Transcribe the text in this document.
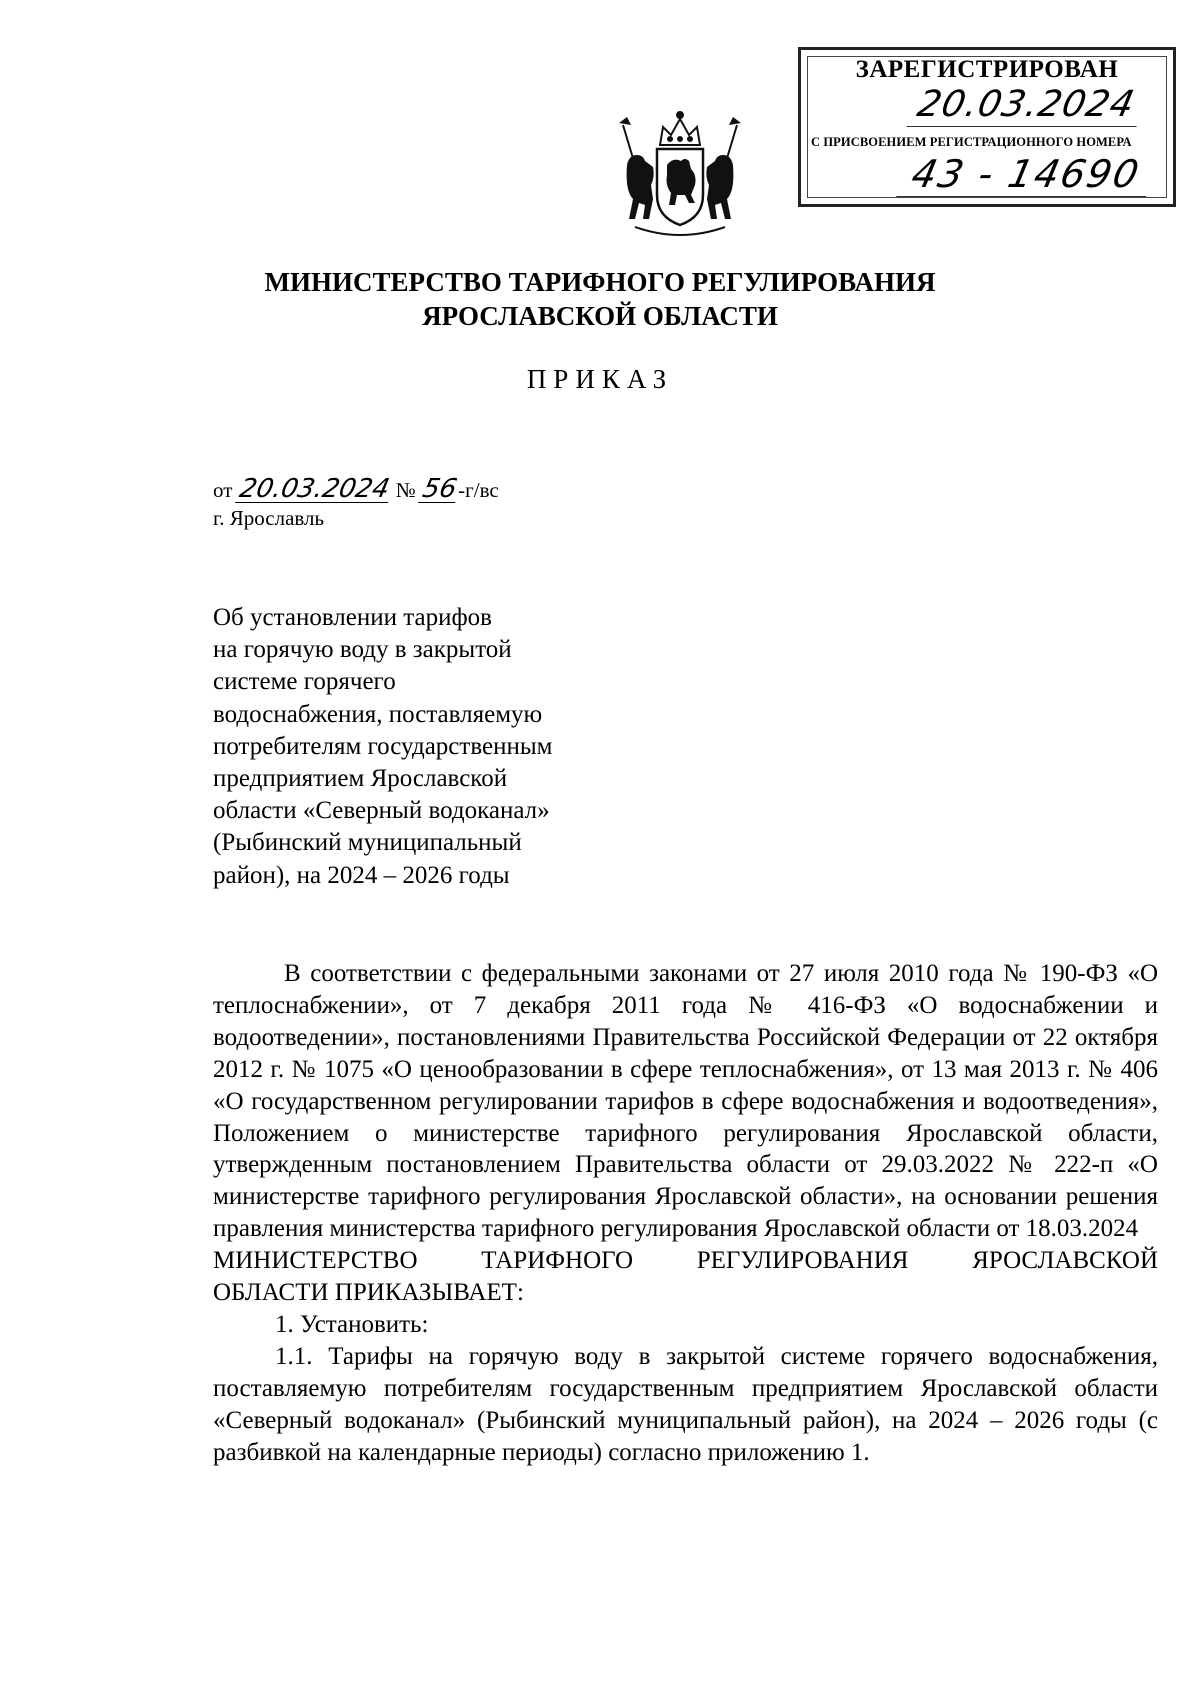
ЗАРЕГИСТРИРОВАН
20.03.2024
С ПРИСВОЕНИЕМ РЕГИСТРАЦИОННОГО НОМЕРА
43 - 14690
МИНИСТЕРСТВО ТАРИФНОГО РЕГУЛИРОВАНИЯ
ЯРОСЛАВСКОЙ ОБЛАСТИ
ПРИКАЗ
от 20.03.2024 № 56-г/вс
г. Ярославль
Об установлении тарифов
на горячую воду в закрытой
системе горячего
водоснабжения, поставляемую
потребителям государственным
предприятием Ярославской
области «Северный водоканал»
(Рыбинский муниципальный
район), на 2024 – 2026 годы

В соответствии с федеральными законами от 27 июля 2010 года № 190-ФЗ «О теплоснабжении», от 7 декабря 2011 года № 416-ФЗ «О водоснабжении и водоотведении», постановлениями Правительства Российской Федерации от 22 октября 2012 г. № 1075 «О ценообразовании в сфере теплоснабжения», от 13 мая 2013 г. № 406 «О государственном регулировании тарифов в сфере водоснабжения и водоотведения», Положением о министерстве тарифного регулирования Ярославской области, утвержденным постановлением Правительства области от 29.03.2022 № 222-п «О министерстве тарифного регулирования Ярославской области», на основании решения правления министерства тарифного регулирования Ярославской области от 18.03.2024

МИНИСТЕРСТВО ТАРИФНОГО РЕГУЛИРОВАНИЯ ЯРОСЛАВСКОЙ

ОБЛАСТИ ПРИКАЗЫВАЕТ:

1. Установить:

1.1. Тарифы на горячую воду в закрытой системе горячего водоснабжения, поставляемую потребителям государственным предприятием Ярославской области «Северный водоканал» (Рыбинский муниципальный район), на 2024 – 2026 годы (с разбивкой на календарные периоды) согласно приложению 1.
